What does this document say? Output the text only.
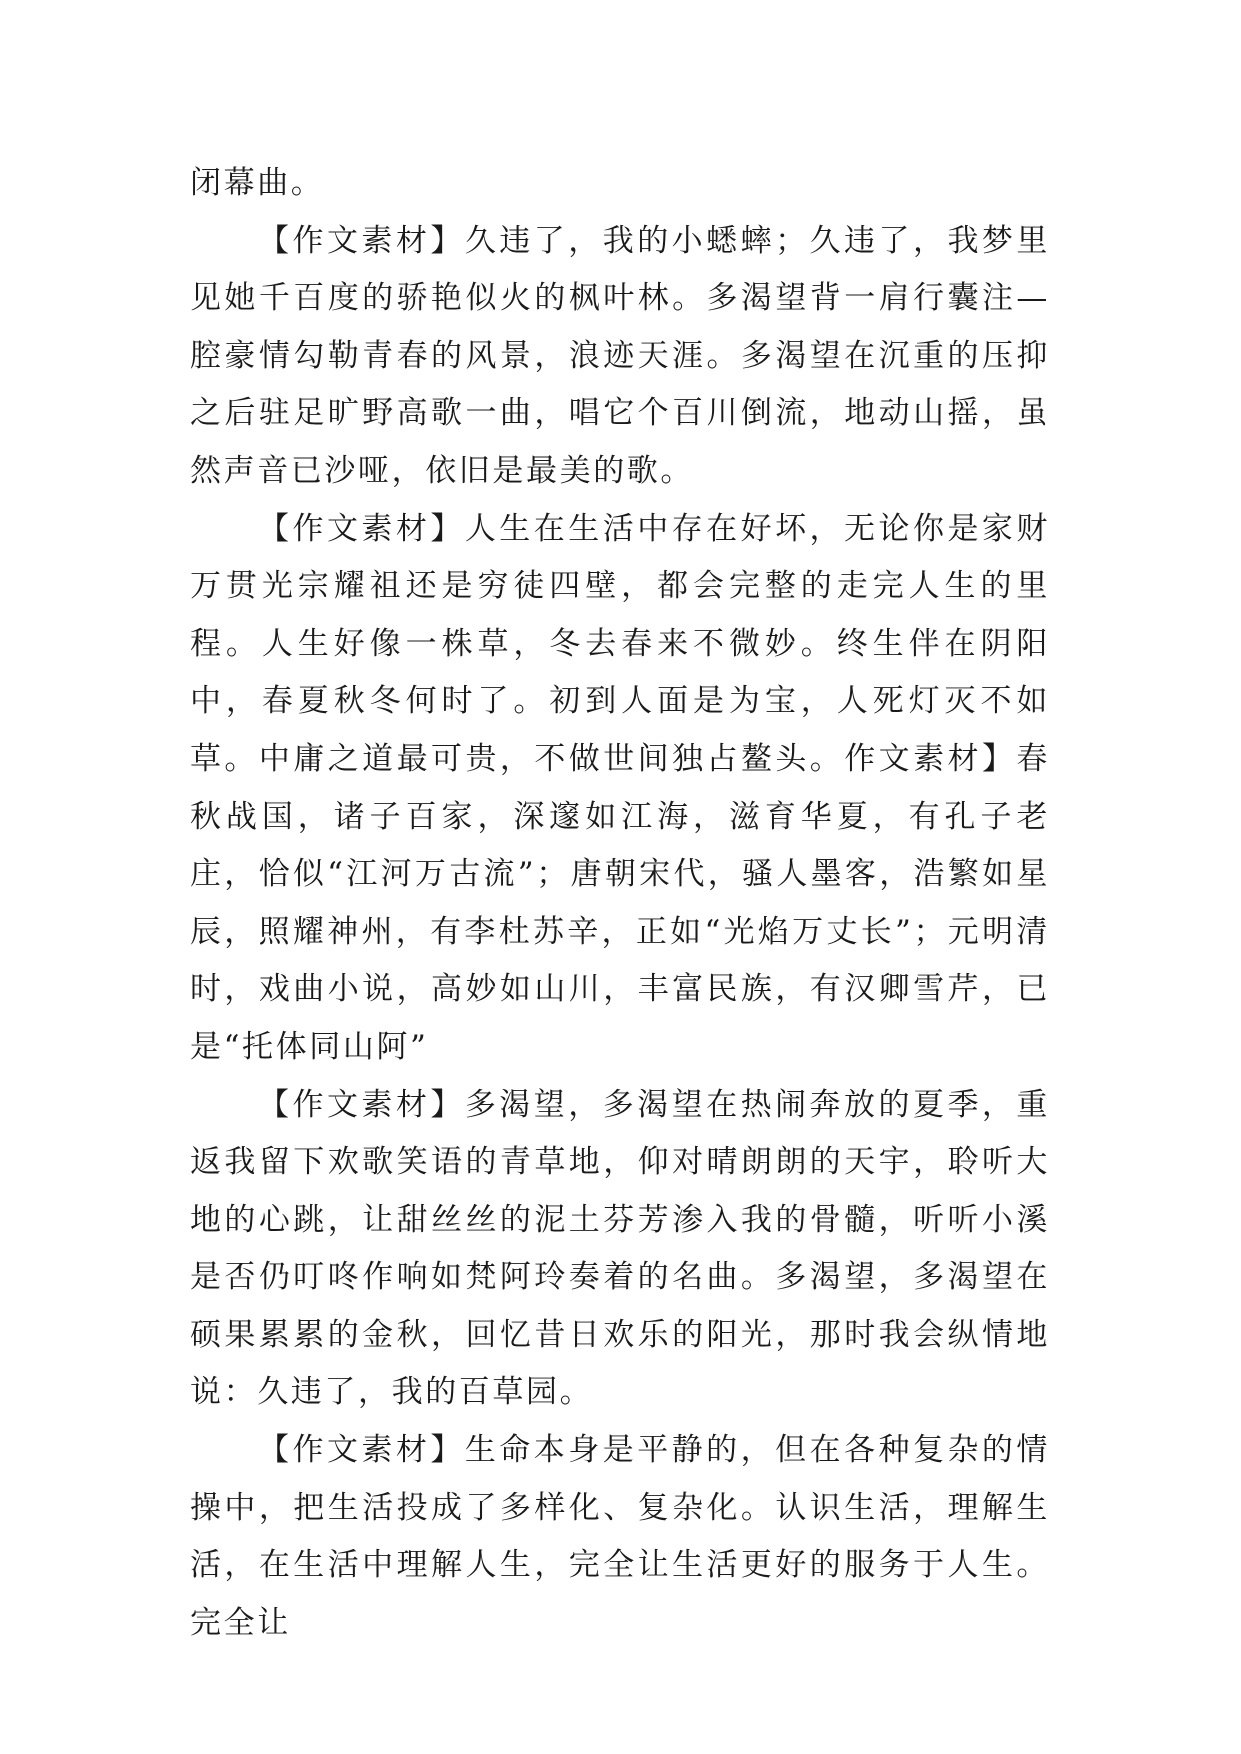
闭幕曲。

【作文素材】久违了，我的小蟋蟀；久违了，我梦里见她千百度的骄艳似火的枫叶林。多渴望背一肩行囊注—腔豪情勾勒青春的风景，浪迹天涯。多渴望在沉重的压抑之后驻足旷野高歌一曲，唱它个百川倒流，地动山摇，虽然声音已沙哑，依旧是最美的歌。

【作文素材】人生在生活中存在好坏，无论你是家财万贯光宗耀祖还是穷徒四壁，都会完整的走完人生的里程。人生好像一株草，冬去春来不微妙。终生伴在阴阳中，春夏秋冬何时了。初到人面是为宝，人死灯灭不如草。中庸之道最可贵，不做世间独占鳌头。作文素材】春秋战国，诸子百家，深邃如江海，滋育华夏，有孔子老庄，恰似“江河万古流”；唐朝宋代，骚人墨客，浩繁如星辰，照耀神州，有李杜苏辛，正如“光焰万丈长”；元明清时，戏曲小说，高妙如山川，丰富民族，有汉卿雪芹，已是“托体同山阿”

【作文素材】多渴望，多渴望在热闹奔放的夏季，重返我留下欢歌笑语的青草地，仰对晴朗朗的天宇，聆听大地的心跳，让甜丝丝的泥土芬芳渗入我的骨髓，听听小溪是否仍叮咚作响如梵阿玲奏着的名曲。多渴望，多渴望在硕果累累的金秋，回忆昔日欢乐的阳光，那时我会纵情地说：久违了，我的百草园。

【作文素材】生命本身是平静的，但在各种复杂的情操中，把生活投成了多样化、复杂化。认识生活，理解生活，在生活中理解人生，完全让生活更好的服务于人生。完全让
